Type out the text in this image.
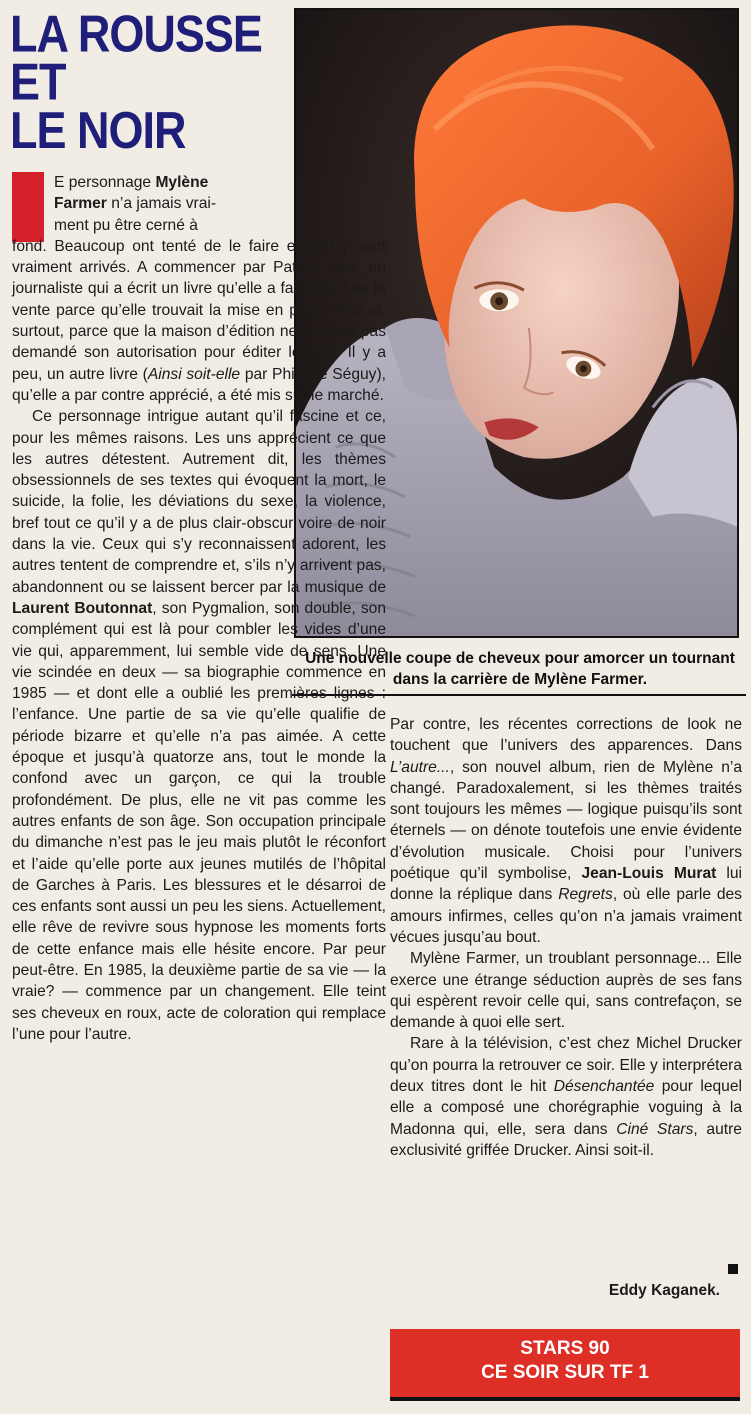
LA ROUSSE
ET
LE NOIR
Une nouvelle coupe de cheveux pour amorcer un tournant dans la carrière de Mylène Farmer.

E personnage Mylène
Farmer n’a jamais vrai-
ment pu être cerné à
fond. Beaucoup ont tenté de le faire et peu y sont vraiment arrivés. A commencer par Patrick Milo, un journaliste qui a écrit un livre qu’elle a fait retirer de la vente parce qu’elle trouvait la mise en page nulle et, surtout, parce que la maison d’édition ne lui avait pas demandé son autorisation pour éditer le livre. Il y a peu, un autre livre (Ainsi soit-elle par Philippe Séguy), qu’elle a par contre apprécié, a été mis sur le marché.

Ce personnage intrigue autant qu’il fascine et ce, pour les mêmes raisons. Les uns apprécient ce que les autres détestent. Autrement dit, les thèmes obsessionnels de ses textes qui évoquent la mort, le suicide, la folie, les déviations du sexe, la violence, bref tout ce qu’il y a de plus clair-obscur voire de noir dans la vie. Ceux qui s’y reconnaissent adorent, les autres tentent de comprendre et, s’ils n’y arrivent pas, abandonnent ou se laissent bercer par la musique de Laurent Boutonnat, son Pygmalion, son double, son complément qui est là pour combler les vides d’une vie qui, apparemment, lui semble vide de sens. Une vie scindée en deux — sa biographie commence en 1985 — et dont elle a oublié les premières lignes : l’enfance. Une partie de sa vie qu’elle qualifie de période bizarre et qu’elle n’a pas aimée. A cette époque et jusqu’à quatorze ans, tout le monde la confond avec un garçon, ce qui la trouble profondément. De plus, elle ne vit pas comme les autres enfants de son âge. Son occupation principale du dimanche n’est pas le jeu mais plutôt le réconfort et l’aide qu’elle porte aux jeunes mutilés de l’hôpital de Garches à Paris. Les blessures et le désarroi de ces enfants sont aussi un peu les siens. Actuellement, elle rêve de revivre sous hypnose les moments forts de cette enfance mais elle hésite encore. Par peur peut-être. En 1985, la deuxième partie de sa vie — la vraie? — commence par un changement. Elle teint ses cheveux en roux, acte de coloration qui remplace l’une pour l’autre.

Par contre, les récentes corrections de look ne touchent que l’univers des apparences. Dans L’autre..., son nouvel album, rien de Mylène n’a changé. Paradoxalement, si les thèmes traités sont toujours les mêmes — logique puisqu’ils sont éternels — on dénote toutefois une envie évidente d’évolution musicale. Choisi pour l’univers poétique qu’il symbolise, Jean-Louis Murat lui donne la réplique dans Regrets, où elle parle des amours infirmes, celles qu’on n’a jamais vraiment vécues jusqu’au bout.

Mylène Farmer, un troublant personnage... Elle exerce une étrange séduction auprès de ses fans qui espèrent revoir celle qui, sans contrefaçon, se demande à quoi elle sert.

Rare à la télévision, c’est chez Michel Drucker qu’on pourra la retrouver ce soir. Elle y interprétera deux titres dont le hit Désenchantée pour lequel elle a composé une chorégraphie voguing à la Madonna qui, elle, sera dans Ciné Stars, autre exclusivité griffée Drucker. Ainsi soit-il.

Eddy Kaganek.
STARS 90
CE SOIR SUR TF 1
